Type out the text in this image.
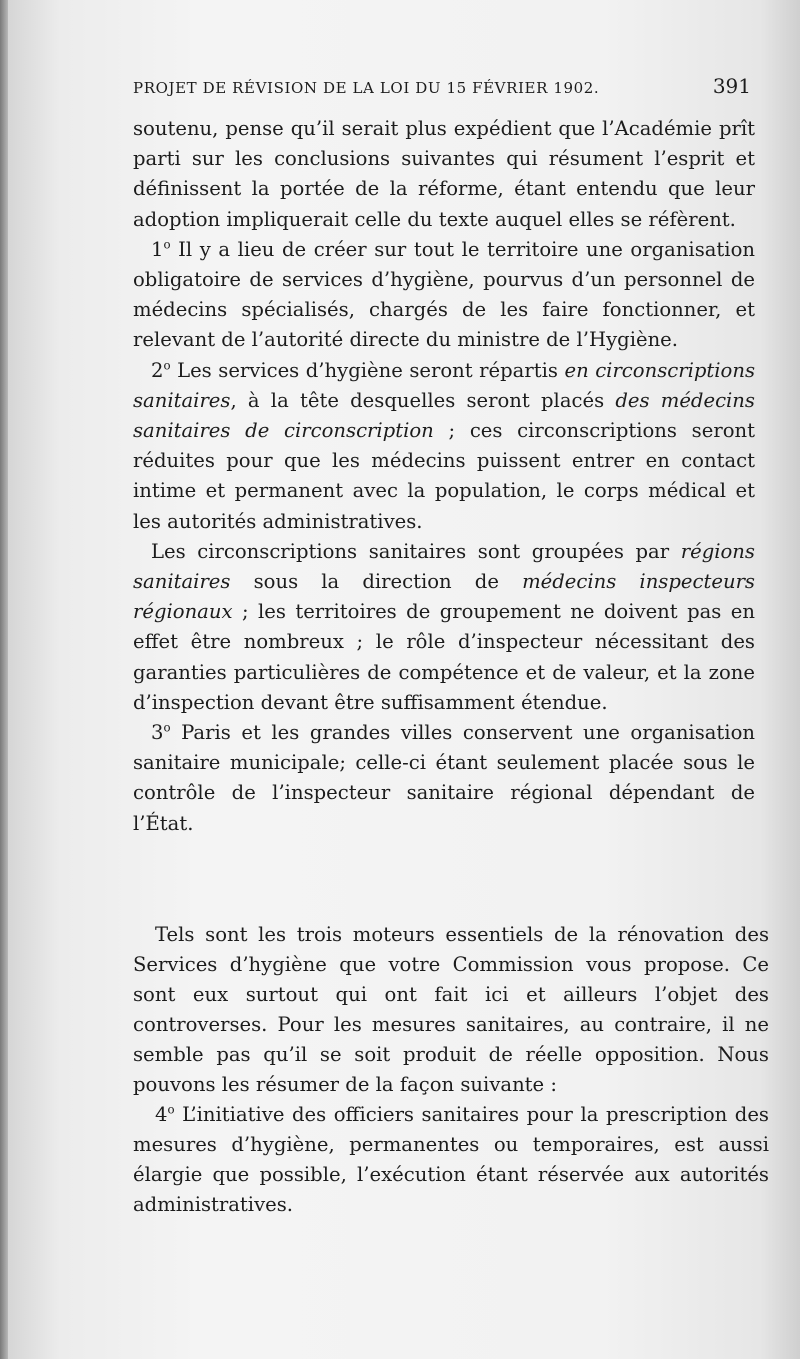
PROJET DE RÉVISION DE LA LOI DU 15 FÉVRIER 1902.	391

soutenu, pense qu’il serait plus expédient que l’Académie prît parti sur les conclusions suivantes qui résument l’esprit et définissent la portée de la réforme, étant entendu que leur adoption impliquerait celle du texte auquel elles se réfèrent.

1$^o$ Il y a lieu de créer sur tout le territoire une organisation obligatoire de services d’hygiène, pourvus d’un personnel de médecins spécialisés, chargés de les faire fonctionner, et relevant de l’autorité directe du ministre de l’Hygiène.

2$^o$ Les services d’hygiène seront répartis en circonscriptions sanitaires, à la tête desquelles seront placés des médecins sanitaires de circonscription ; ces circonscriptions seront réduites pour que les médecins puissent entrer en contact intime et permanent avec la population, le corps médical et les autorités administratives.

Les circonscriptions sanitaires sont groupées par régions sanitaires sous la direction de médecins inspecteurs régionaux ; les territoires de groupement ne doivent pas en effet être nombreux ; le rôle d’inspecteur nécessitant des garanties particulières de compétence et de valeur, et la zone d’inspection devant être suffisamment étendue.

3$^o$ Paris et les grandes villes conservent une organisation sanitaire municipale; celle-ci étant seulement placée sous le contrôle de l’inspecteur sanitaire régional dépendant de l’État.

Tels sont les trois moteurs essentiels de la rénovation des Services d’hygiène que votre Commission vous propose. Ce sont eux surtout qui ont fait ici et ailleurs l’objet des controverses. Pour les mesures sanitaires, au contraire, il ne semble pas qu’il se soit produit de réelle opposition. Nous pouvons les résumer de la façon suivante :

4$^o$ L’initiative des officiers sanitaires pour la prescription des mesures d’hygiène, permanentes ou temporaires, est aussi élargie que possible, l’exécution étant réservée aux autorités administratives.
